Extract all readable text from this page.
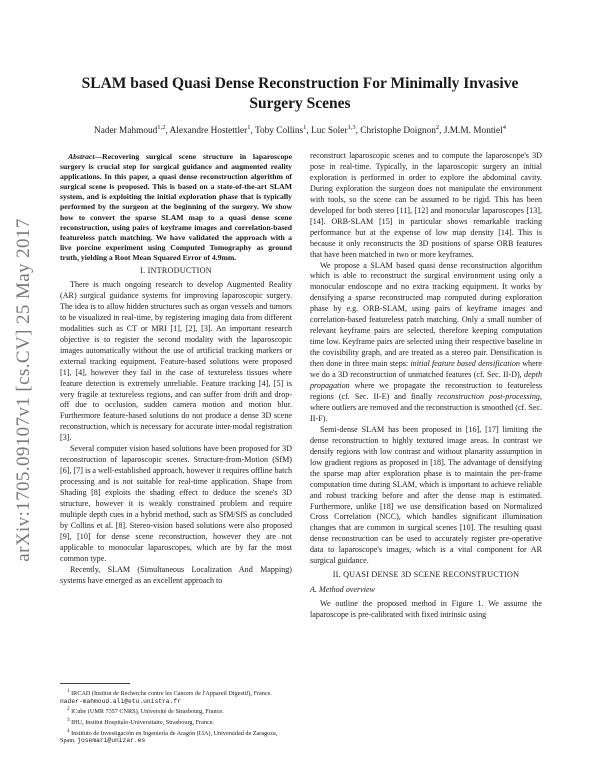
arXiv:1705.09107v1 [cs.CV] 25 May 2017
SLAM based Quasi Dense Reconstruction For Minimally Invasive
Surgery Scenes
Nader Mahmoud$^{1,2}$, Alexandre Hostettler$^1$, Toby Collins$^1$, Luc Soler$^{1,3}$, Christophe Doignon$^2$, J.M.M. Montiel$^4$

Abstract—Recovering surgical scene structure in laparoscope surgery is crucial step for surgical guidance and augmented reality applications. In this paper, a quasi dense reconstruction algorithm of surgical scene is proposed. This is based on a state-of-the-art SLAM system, and is exploiting the initial exploration phase that is typically performed by the surgeon at the beginning of the surgery. We show how to convert the sparse SLAM map to a quasi dense scene reconstruction, using pairs of keyframe images and correlation-based featureless patch matching. We have validated the approach with a live porcine experiment using Computed Tomography as ground truth, yielding a Root Mean Squared Error of 4.9mm.

I. INTRODUCTION

There is much ongoing research to develop Augmented Reality (AR) surgical guidance systems for improving laparoscopic surgery. The idea is to allow hidden structures such as organ vessels and tumors to be visualized in real-time, by registering imaging data from different modalities such as CT or MRI [1], [2], [3]. An important research objective is to register the second modality with the laparoscopic images automatically without the use of artificial tracking markers or external tracking equipment. Feature-based solutions were proposed [1], [4], however they fail in the case of textureless tissues where feature detection is extremely unreliable. Feature tracking [4], [5] is very fragile at textureless regions, and can suffer from drift and drop-off due to occlusion, sudden camera motion and motion blur. Furthermore feature-based solutions do not produce a dense 3D scene reconstruction, which is necessary for accurate inter-modal registration [3].

Several computer vision based solutions have been proposed for 3D reconstruction of laparoscopic scenes. Structure-from-Motion (SfM) [6], [7] is a well-established approach, however it requires offline batch processing and is not suitable for real-time application. Shape from Shading [8] exploits the shading effect to deduce the scene's 3D structure, however it is weakly constrained problem and require multiple depth cues in a hybrid method, such as SfM/SfS as concluded by Collins et al. [8]. Stereo-vision based solutions were also proposed [9], [10] for dense scene reconstruction, however they are not applicable to monocular laparoscopes, which are by far the most common type.

Recently, SLAM (Simultaneous Localization And Mapping) systems have emerged as an excellent approach to

$^1$ IRCAD (Institut de Recherche contre les Cancers de l'Appareil Digestif), France. nader-mahmoud.ali@etu.unistra.fr

$^2$ ICube (UMR 7357 CNRS), Université de Strasbourg, France.

$^3$ IHU, Institut Hospitalo-Universitaire, Strasbourg, France.

$^4$ Instituto de Investigación en Ingeniería de Aragón (I3A), Universidad de Zaragoza, Spain. josemari@unizar.es

reconstruct laparoscopic scenes and to compute the laparoscope's 3D pose in real-time. Typically, in the laparoscopic surgery an initial exploration is performed in order to explore the abdominal cavity. During exploration the surgeon does not manipulate the environment with tools, so the scene can be assumed to be rigid. This has been developed for both stereo [11], [12] and monocular laparoscopes [13], [14]. ORB-SLAM [15] in particular shows remarkable tracking performance but at the expense of low map density [14]. This is because it only reconstructs the 3D positions of sparse ORB features that have been matched in two or more keyframes.

We propose a SLAM based quasi dense reconstruction algorithm which is able to reconstruct the surgical environment using only a monocular endoscope and no extra tracking equipment. It works by densifying a sparse reconstructed map computed during exploration phase by e.g. ORB-SLAM, using pairs of keyframe images and correlation-based featureless patch matching. Only a small number of relevant keyframe pairs are selected, therefore keeping computation time low. Keyframe pairs are selected using their respective baseline in the covisibility graph, and are treated as a stereo pair. Densification is then done in three main steps: initial feature based densification where we do a 3D reconstruction of unmatched features (cf. Sec. II-D), depth propagation where we propagate the reconstruction to featureless regions (cf. Sec. II-E) and finally reconstruction post-processing, where outliers are removed and the reconstruction is smoothed (cf. Sec. II-F).

Semi-dense SLAM has been proposed in [16], [17] limiting the dense reconstruction to highly textured image areas. In contrast we densify regions with low contrast and without planarity assumption in low gradient regions as proposed in [18]. The advantage of densifying the sparse map after exploration phase is to maintain the per-frame computation time during SLAM, which is important to achieve reliable and robust tracking before and after the dense map is estimated. Furthermore, unlike [18] we use densification based on Normalized Cross Correlation (NCC), which handles significant illumination changes that are common in surgical scenes [10]. The resulting quasi dense reconstruction can be used to accurately register pre-operative data to laparoscope's images, which is a vital component for AR surgical guidance.

II. QUASI DENSE 3D SCENE RECONSTRUCTION

A. Method overview

We outline the proposed method in Figure 1. We assume the laparoscope is pre-calibrated with fixed intrinsic using
